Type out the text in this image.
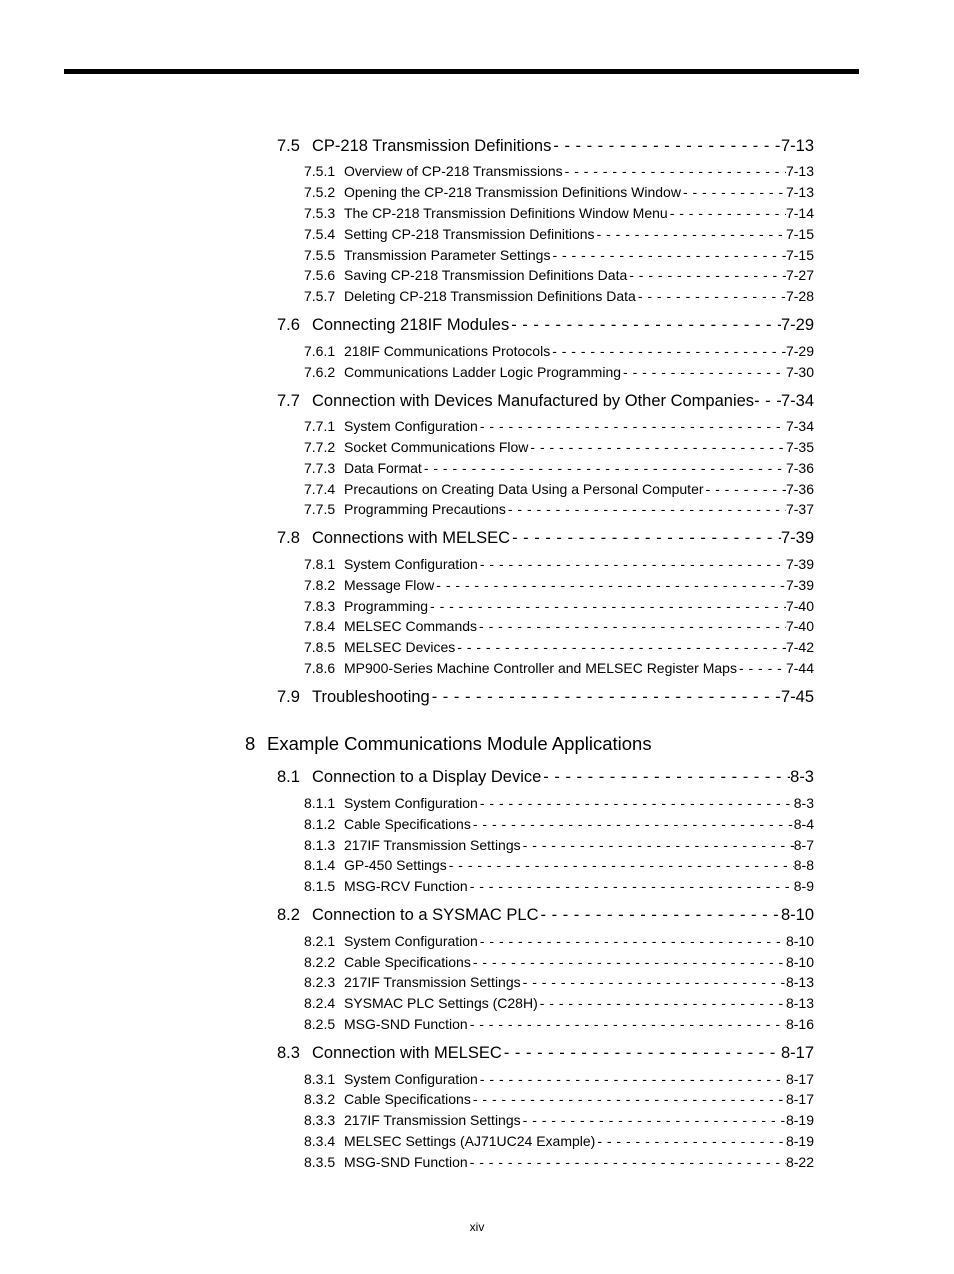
7.5 CP-218 Transmission Definitions - - -	7-13
7.5.1 Overview of CP-218 Transmissions - - -	7-13
7.5.2 Opening the CP-218 Transmission Definitions Window - - -	7-13
7.5.3 The CP-218 Transmission Definitions Window Menu - - -	7-14
7.5.4 Setting CP-218 Transmission Definitions - - -	7-15
7.5.5 Transmission Parameter Settings - - -	7-15
7.5.6 Saving CP-218 Transmission Definitions Data - - -	7-27
7.5.7 Deleting CP-218 Transmission Definitions Data - - -	7-28
7.6 Connecting 218IF Modules - - -	7-29
7.6.1 218IF Communications Protocols - - -	7-29
7.6.2 Communications Ladder Logic Programming - - -	7-30
7.7 Connection with Devices Manufactured by Other Companies - - - 7-34
7.7.1 System Configuration - - -	7-34
7.7.2 Socket Communications Flow - - -	7-35
7.7.3 Data Format - - -	7-36
7.7.4 Precautions on Creating Data Using a Personal Computer - - -	7-36
7.7.5 Programming Precautions - - -	7-37
7.8 Connections with MELSEC - - -	7-39
7.8.1 System Configuration - - -	7-39
7.8.2 Message Flow - - -	7-39
7.8.3 Programming - - -	7-40
7.8.4 MELSEC Commands - - -	7-40
7.8.5 MELSEC Devices - - -	7-42
7.8.6 MP900-Series Machine Controller and MELSEC Register Maps - - -	7-44
7.9 Troubleshooting - - -	7-45
8 Example Communications Module Applications
8.1 Connection to a Display Device - - -	8-3
8.1.1 System Configuration - - -	8-3
8.1.2 Cable Specifications - - -	8-4
8.1.3 217IF Transmission Settings - - -	8-7
8.1.4 GP-450 Settings - - -	8-8
8.1.5 MSG-RCV Function - - -	8-9
8.2 Connection to a SYSMAC PLC - - -	8-10
8.2.1 System Configuration - - -	8-10
8.2.2 Cable Specifications - - -	8-10
8.2.3 217IF Transmission Settings - - -	8-13
8.2.4 SYSMAC PLC Settings (C28H) - - -	8-13
8.2.5 MSG-SND Function - - -	8-16
8.3 Connection with MELSEC - - -	8-17
8.3.1 System Configuration - - -	8-17
8.3.2 Cable Specifications - - -	8-17
8.3.3 217IF Transmission Settings - - -	8-19
8.3.4 MELSEC Settings (AJ71UC24 Example) - - -	8-19
8.3.5 MSG-SND Function - - -	8-22
xiv
